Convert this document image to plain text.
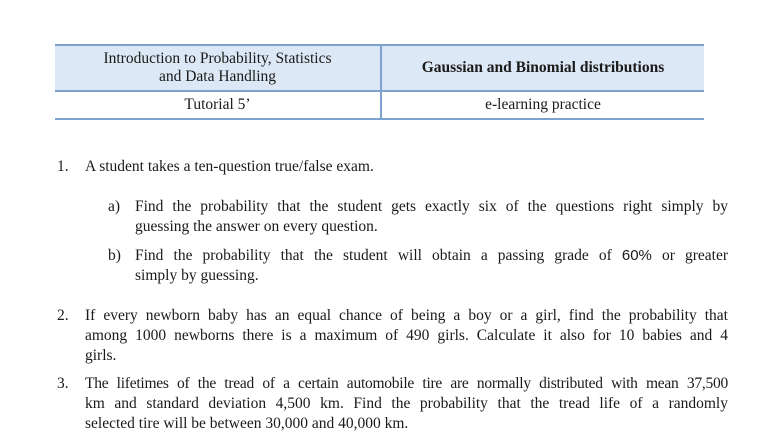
Introduction to Probability, Statistics
and Data Handling	Gaussian and Binomial distributions
Tutorial 5’	e-learning practice
1.	A student takes a ten-question true/false exam.
a) Find the probability that the student gets exactly six of the questions right simply by
guessing the answer on every question.
b) Find the probability that the student will obtain a passing grade of 60% or greater
simply by guessing.
2.	If every newborn baby has an equal chance of being a boy or a girl, find the probability that
among 1000 newborns there is a maximum of 490 girls. Calculate it also for 10 babies and 4
girls.
3.	The lifetimes of the tread of a certain automobile tire are normally distributed with mean 37,500
km and standard deviation 4,500 km. Find the probability that the tread life of a randomly
selected tire will be between 30,000 and 40,000 km.
